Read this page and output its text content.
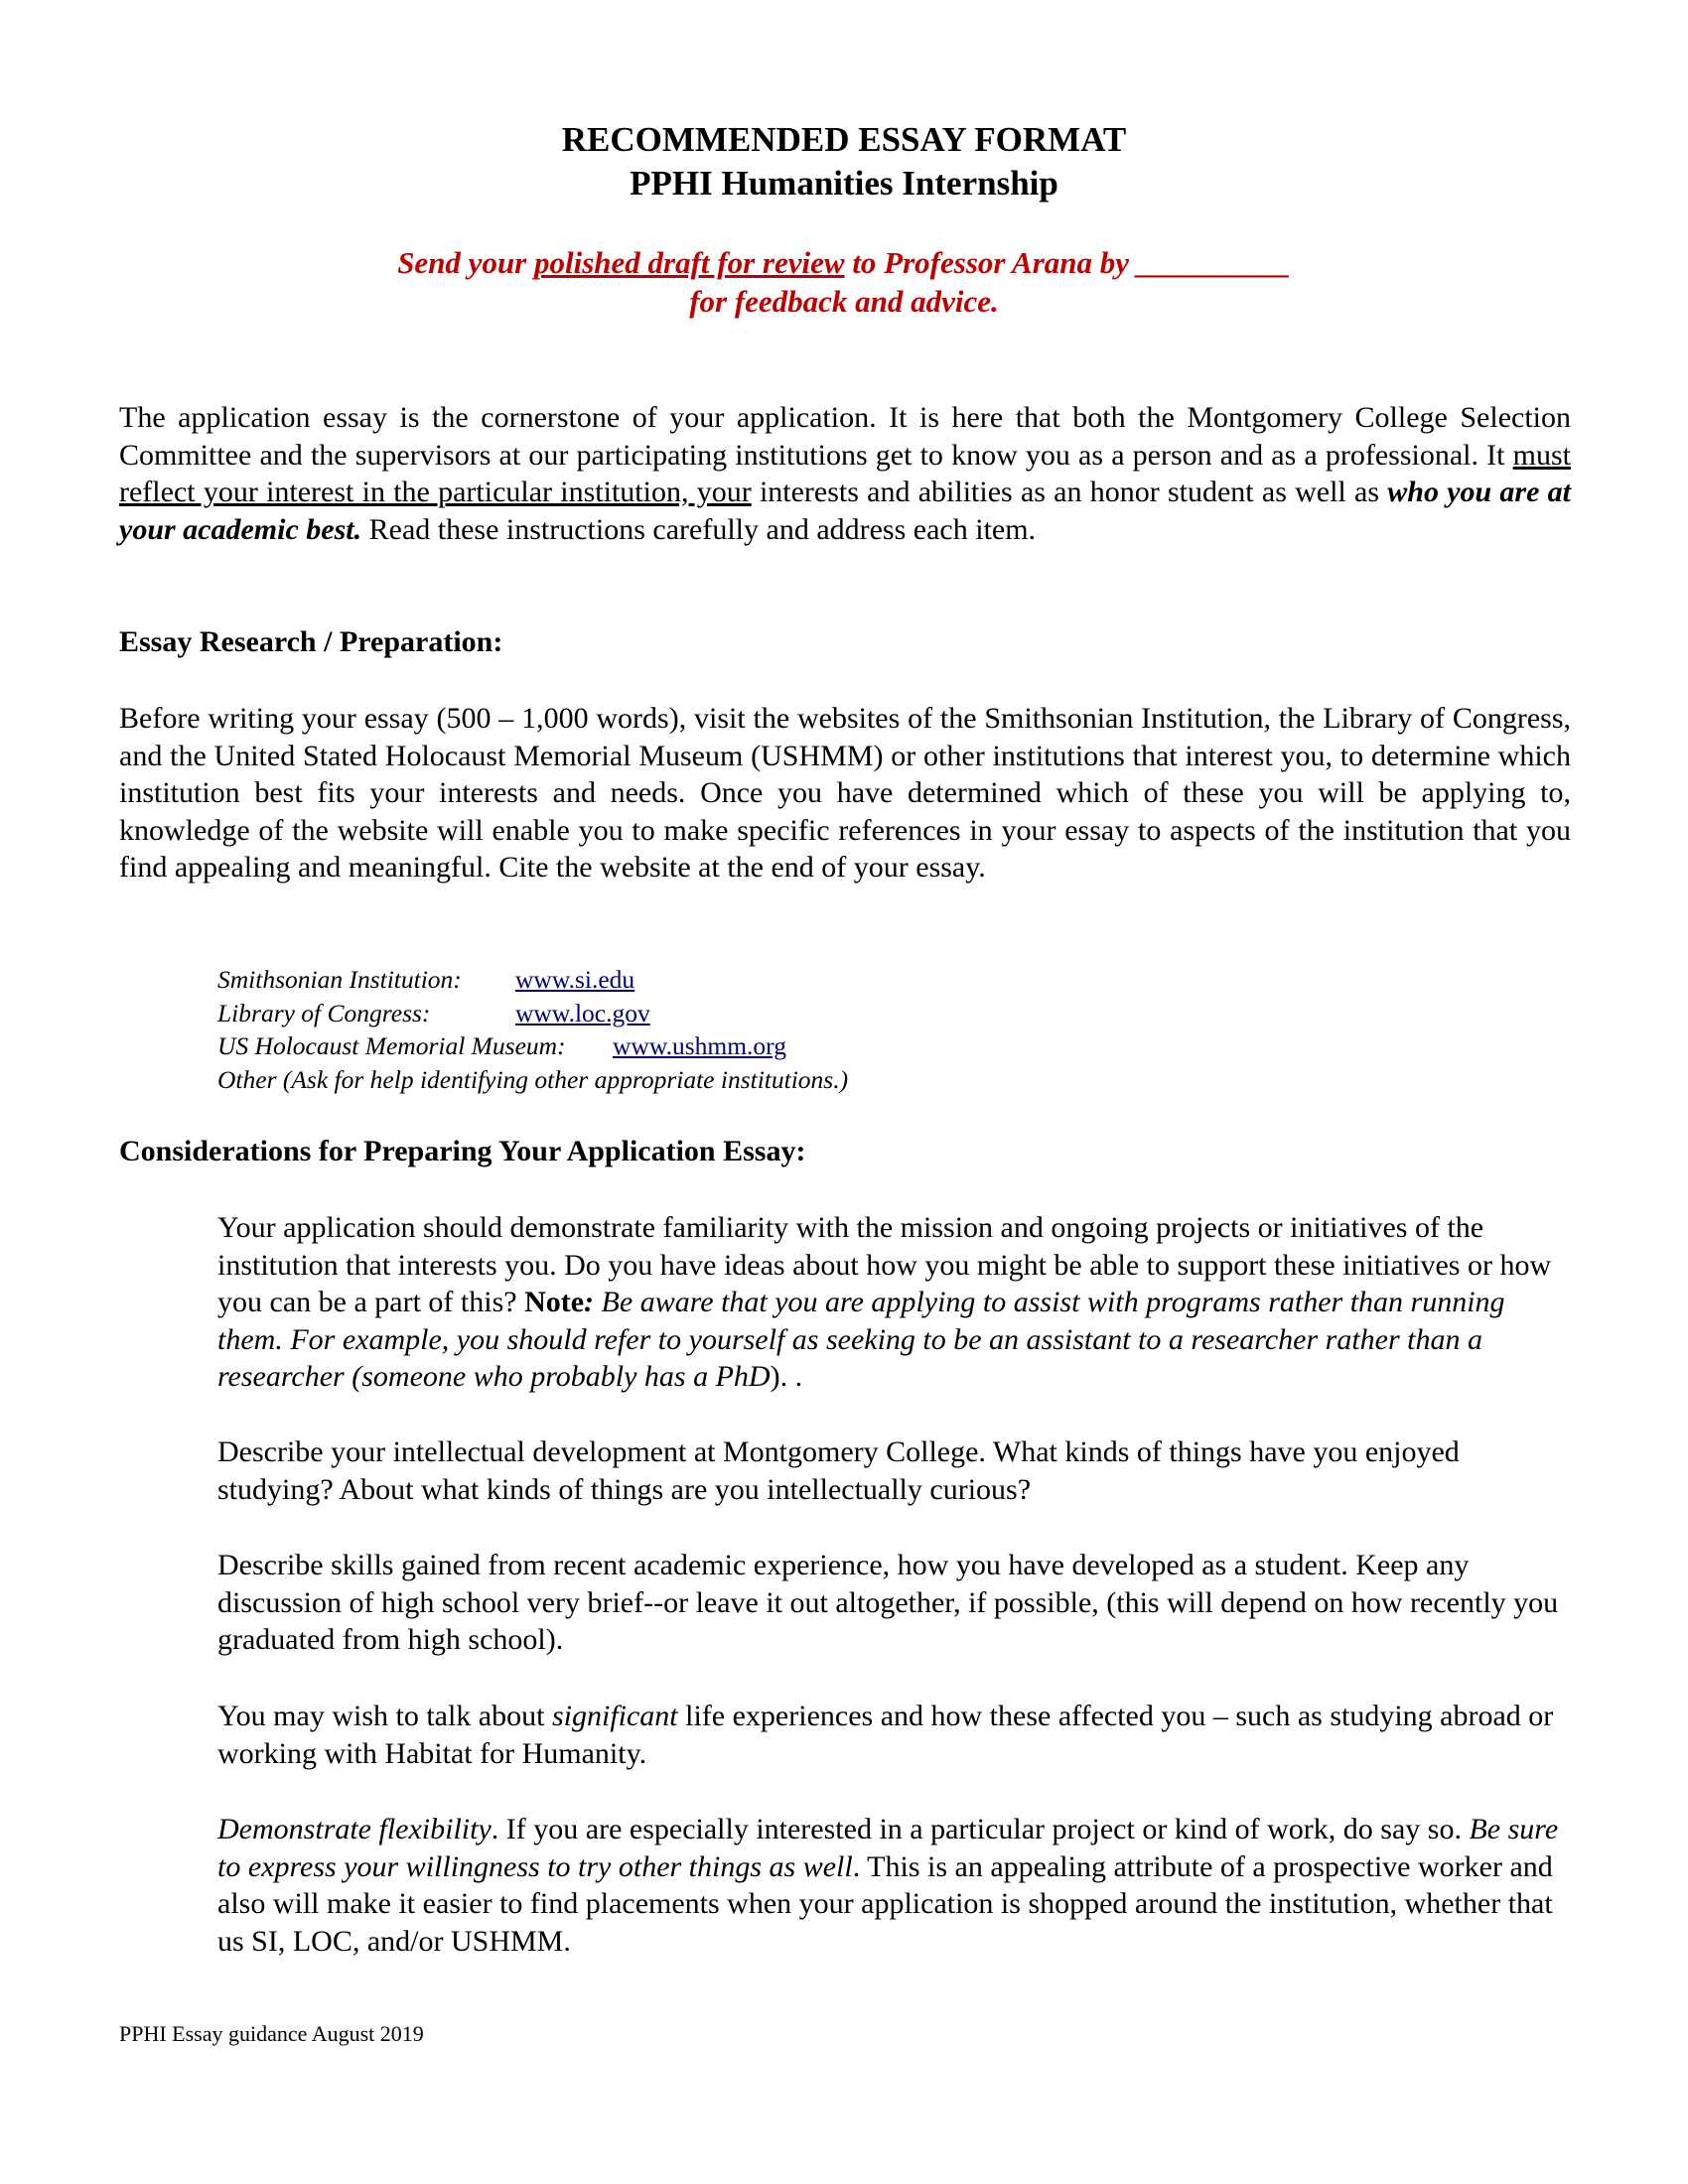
RECOMMENDED ESSAY FORMAT
PPHI Humanities Internship
Send your polished draft for review to Professor Arana by __________
for feedback and advice.
The application essay is the cornerstone of your application. It is here that both the Montgomery College Selection Committee and the supervisors at our participating institutions get to know you as a person and as a professional. It must reflect your interest in the particular institution, your interests and abilities as an honor student as well as who you are at your academic best. Read these instructions carefully and address each item.
Essay Research / Preparation:
Before writing your essay (500 – 1,000 words), visit the websites of the Smithsonian Institution, the Library of Congress, and the United Stated Holocaust Memorial Museum (USHMM) or other institutions that interest you, to determine which institution best fits your interests and needs. Once you have determined which of these you will be applying to, knowledge of the website will enable you to make specific references in your essay to aspects of the institution that you find appealing and meaningful. Cite the website at the end of your essay.
Smithsonian Institution: www.si.edu
Library of Congress:	www.loc.gov
US Holocaust Memorial Museum: www.ushmm.org
Other (Ask for help identifying other appropriate institutions.)
Considerations for Preparing Your Application Essay:
Your application should demonstrate familiarity with the mission and ongoing projects or initiatives of the institution that interests you. Do you have ideas about how you might be able to support these initiatives or how you can be a part of this? Note: Be aware that you are applying to assist with programs rather than running them. For example, you should refer to yourself as seeking to be an assistant to a researcher rather than a researcher (someone who probably has a PhD). .
Describe your intellectual development at Montgomery College. What kinds of things have you enjoyed studying? About what kinds of things are you intellectually curious?
Describe skills gained from recent academic experience, how you have developed as a student. Keep any discussion of high school very brief--or leave it out altogether, if possible, (this will depend on how recently you graduated from high school).
You may wish to talk about significant life experiences and how these affected you – such as studying abroad or working with Habitat for Humanity.
Demonstrate flexibility. If you are especially interested in a particular project or kind of work, do say so. Be sure to express your willingness to try other things as well. This is an appealing attribute of a prospective worker and also will make it easier to find placements when your application is shopped around the institution, whether that us SI, LOC, and/or USHMM.
PPHI Essay guidance August 2019
